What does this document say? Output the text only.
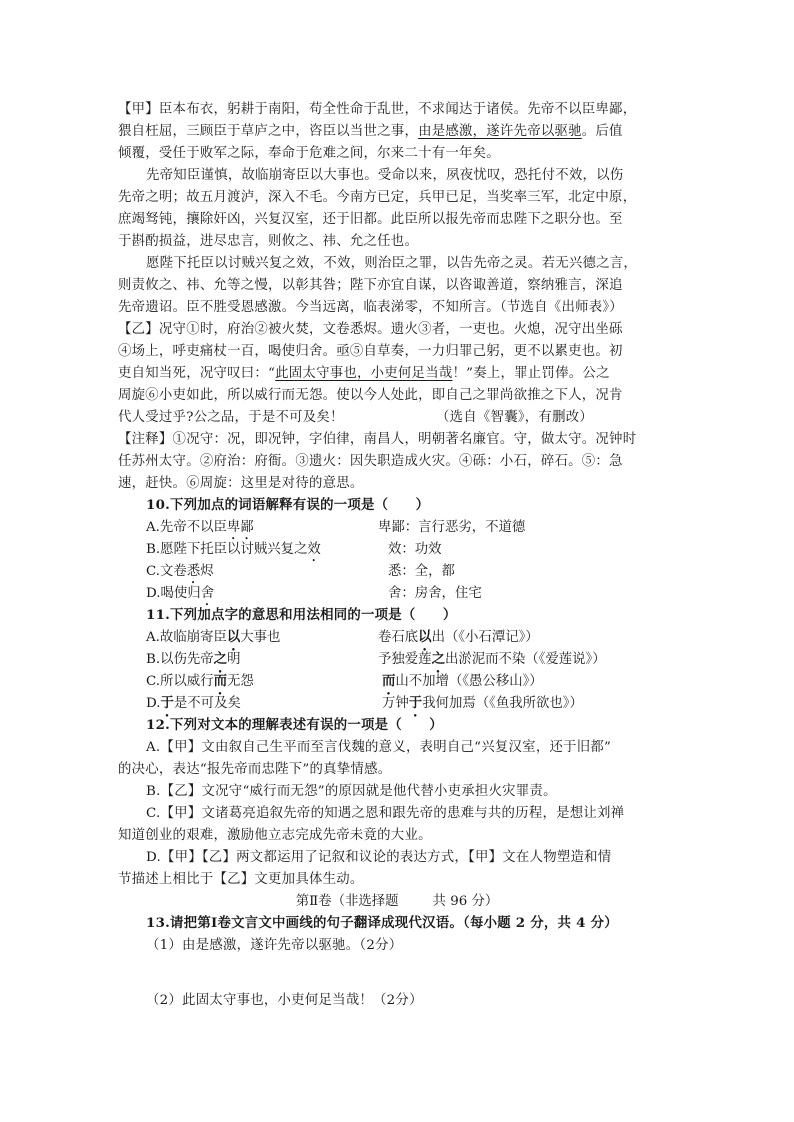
【甲】臣本布衣，躬耕于南阳，苟全性命于乱世，不求闻达于诸侯。先帝不以臣卑鄙，
猥自枉屈，三顾臣于草庐之中，咨臣以当世之事，由是感激，遂许先帝以驱驰。后值
倾覆，受任于败军之际，奉命于危难之间，尔来二十有一年矣。
先帝知臣谨慎，故临崩寄臣以大事也。受命以来，夙夜忧叹，恐托付不效，以伤
先帝之明；故五月渡泸，深入不毛。今南方已定，兵甲已足，当奖率三军，北定中原，
庶竭驽钝，攘除奸凶，兴复汉室，还于旧都。此臣所以报先帝而忠陛下之职分也。至
于斟酌损益，进尽忠言，则攸之、祎、允之任也。
愿陛下托臣以讨贼兴复之效，不效，则治臣之罪，以告先帝之灵。若无兴德之言，
则责攸之、祎、允等之慢，以彰其咎；陛下亦宜自谋，以咨诹善道，察纳雅言，深追
先帝遗诏。臣不胜受恩感激。今当远离，临表涕零，不知所言。（节选自《出师表》）
【乙】况守①时，府治②被火焚，文卷悉烬。遗火③者，一吏也。火熄，况守出坐砾
④场上，呼吏痛杖一百，喝使归舍。亟⑤自草奏，一力归罪己躬，更不以累吏也。初
吏自知当死，况守叹曰：“此固太守事也，小吏何足当哉！”奏上，罪止罚俸。公之
周旋⑥小吏如此，所以威行而无怨。使以今人处此，即自己之罪尚欲推之下人，况肯
代人受过乎?公之品，于是不可及矣！	（选自《智囊》，有删改）
【注释】①况守：况，即况钟，字伯律，南昌人，明朝著名廉官。守，做太守。况钟时
任苏州太守。②府治：府衙。③遗火：因失职造成火灾。④砾：小石，碎石。⑤：急
速，赶快。⑥周旋：这里是对待的意思。
10.下列加点的词语解释有误的一项是（　　）
A.先帝不以臣卑鄙	卑鄙：言行恶劣，不道德
B.愿陛下托臣以讨贼兴复之效	效：功效
C.文卷悉烬	悉：全，都
D.喝使归舍	舍：房舍，住宅
11.下列加点字的意思和用法相同的一项是（　　）
A.故临崩寄臣以大事也	卷石底以出（《小石潭记》）
B.以伤先帝之明	予独爱莲之出淤泥而不染（《爱莲说》）
C.所以威行而无怨	而山不加增（《愚公移山》）
D.于是不可及矣	万钟于我何加焉（《鱼我所欲也》）
12.下列对文本的理解表述有误的一项是（　　）
A.【甲】文由叙自己生平而至言伐魏的意义，表明自己“兴复汉室，还于旧都”
的决心，表达“报先帝而忠陛下”的真挚情感。
B.【乙】文况守“威行而无怨”的原因就是他代替小吏承担火灾罪责。
C.【甲】文诸葛亮追叙先帝的知遇之恩和跟先帝的患难与共的历程，是想让刘禅
知道创业的艰难，激励他立志完成先帝未竟的大业。
D.【甲】【乙】两文都运用了记叙和议论的表达方式，【甲】文在人物塑造和情
节描述上相比于【乙】文更加具体生动。
第Ⅱ卷（非选择题	共 96 分）
13.请把第Ⅰ卷文言文中画线的句子翻译成现代汉语。（每小题 2 分，共 4 分）
（1）由是感激，遂许先帝以驱驰。（2分）
（2）此固太守事也，小吏何足当哉！（2分）
